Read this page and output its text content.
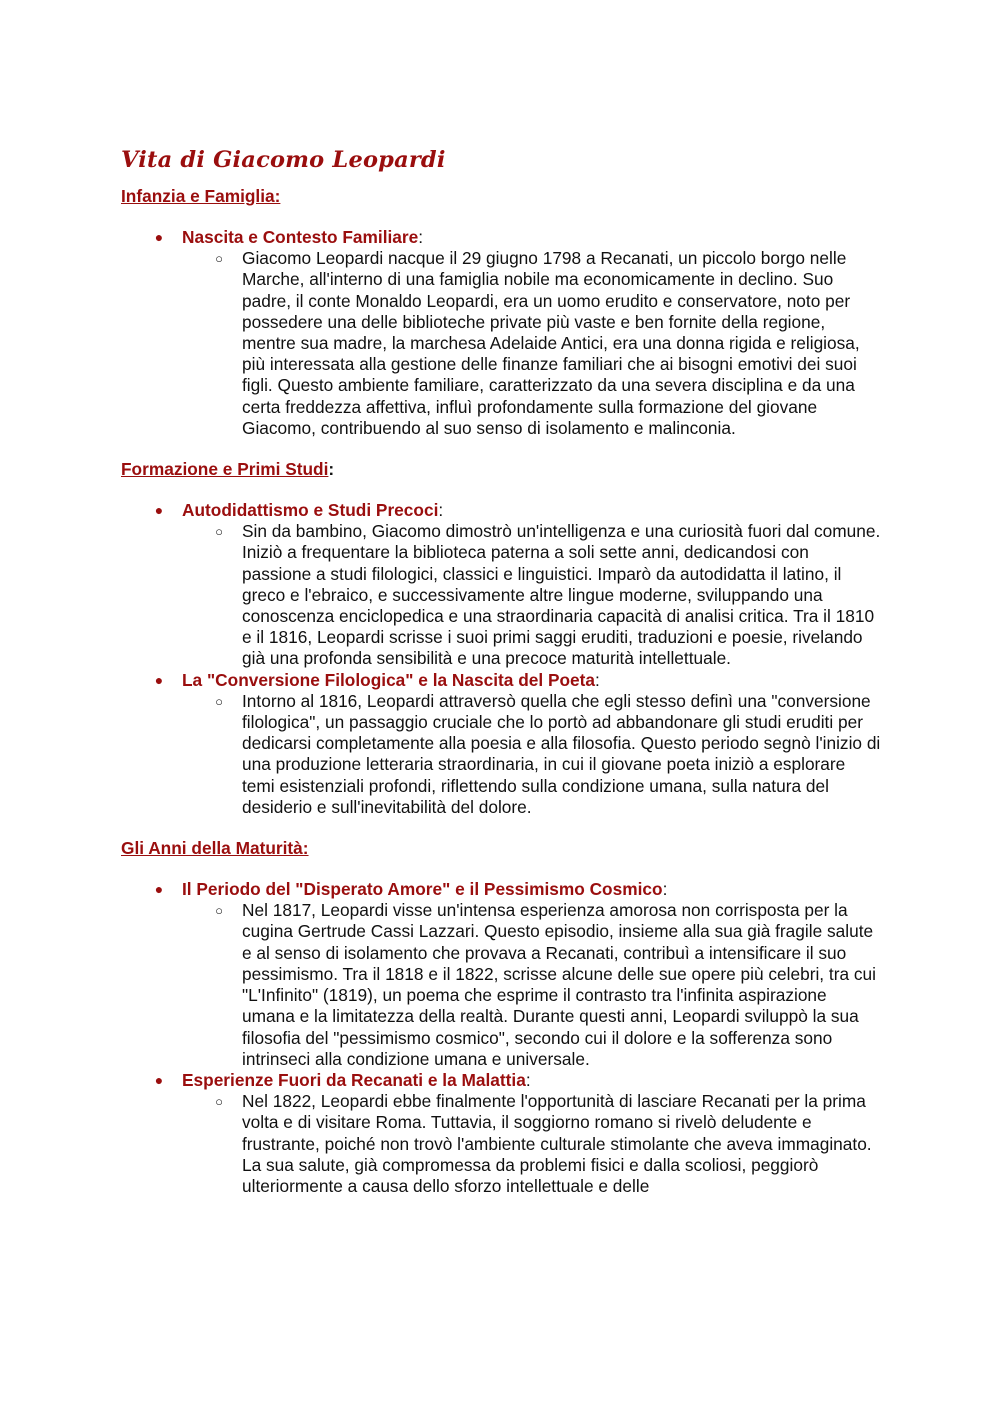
Vita di Giacomo Leopardi
Infanzia e Famiglia:
● Nascita e Contesto Familiare:
○ Giacomo Leopardi nacque il 29 giugno 1798 a Recanati, un piccolo borgo nelle Marche, all'interno di una famiglia nobile ma economicamente in declino. Suo padre, il conte Monaldo Leopardi, era un uomo erudito e conservatore, noto per possedere una delle biblioteche private più vaste e ben fornite della regione, mentre sua madre, la marchesa Adelaide Antici, era una donna rigida e religiosa, più interessata alla gestione delle finanze familiari che ai bisogni emotivi dei suoi figli. Questo ambiente familiare, caratterizzato da una severa disciplina e da una certa freddezza affettiva, influì profondamente sulla formazione del giovane Giacomo, contribuendo al suo senso di isolamento e malinconia.
Formazione e Primi Studi:
● Autodidattismo e Studi Precoci:
○ Sin da bambino, Giacomo dimostrò un'intelligenza e una curiosità fuori dal comune. Iniziò a frequentare la biblioteca paterna a soli sette anni, dedicandosi con passione a studi filologici, classici e linguistici. Imparò da autodidatta il latino, il greco e l'ebraico, e successivamente altre lingue moderne, sviluppando una conoscenza enciclopedica e una straordinaria capacità di analisi critica. Tra il 1810 e il 1816, Leopardi scrisse i suoi primi saggi eruditi, traduzioni e poesie, rivelando già una profonda sensibilità e una precoce maturità intellettuale.
● La "Conversione Filologica" e la Nascita del Poeta:
○ Intorno al 1816, Leopardi attraversò quella che egli stesso definì una "conversione filologica", un passaggio cruciale che lo portò ad abbandonare gli studi eruditi per dedicarsi completamente alla poesia e alla filosofia. Questo periodo segnò l'inizio di una produzione letteraria straordinaria, in cui il giovane poeta iniziò a esplorare temi esistenziali profondi, riflettendo sulla condizione umana, sulla natura del desiderio e sull'inevitabilità del dolore.
Gli Anni della Maturità:
● Il Periodo del "Disperato Amore" e il Pessimismo Cosmico:
○ Nel 1817, Leopardi visse un'intensa esperienza amorosa non corrisposta per la cugina Gertrude Cassi Lazzari. Questo episodio, insieme alla sua già fragile salute e al senso di isolamento che provava a Recanati, contribuì a intensificare il suo pessimismo. Tra il 1818 e il 1822, scrisse alcune delle sue opere più celebri, tra cui "L'Infinito" (1819), un poema che esprime il contrasto tra l'infinita aspirazione umana e la limitatezza della realtà. Durante questi anni, Leopardi sviluppò la sua filosofia del "pessimismo cosmico", secondo cui il dolore e la sofferenza sono intrinseci alla condizione umana e universale.
● Esperienze Fuori da Recanati e la Malattia:
○ Nel 1822, Leopardi ebbe finalmente l'opportunità di lasciare Recanati per la prima volta e di visitare Roma. Tuttavia, il soggiorno romano si rivelò deludente e frustrante, poiché non trovò l'ambiente culturale stimolante che aveva immaginato. La sua salute, già compromessa da problemi fisici e dalla scoliosi, peggiorò ulteriormente a causa dello sforzo intellettuale e delle
